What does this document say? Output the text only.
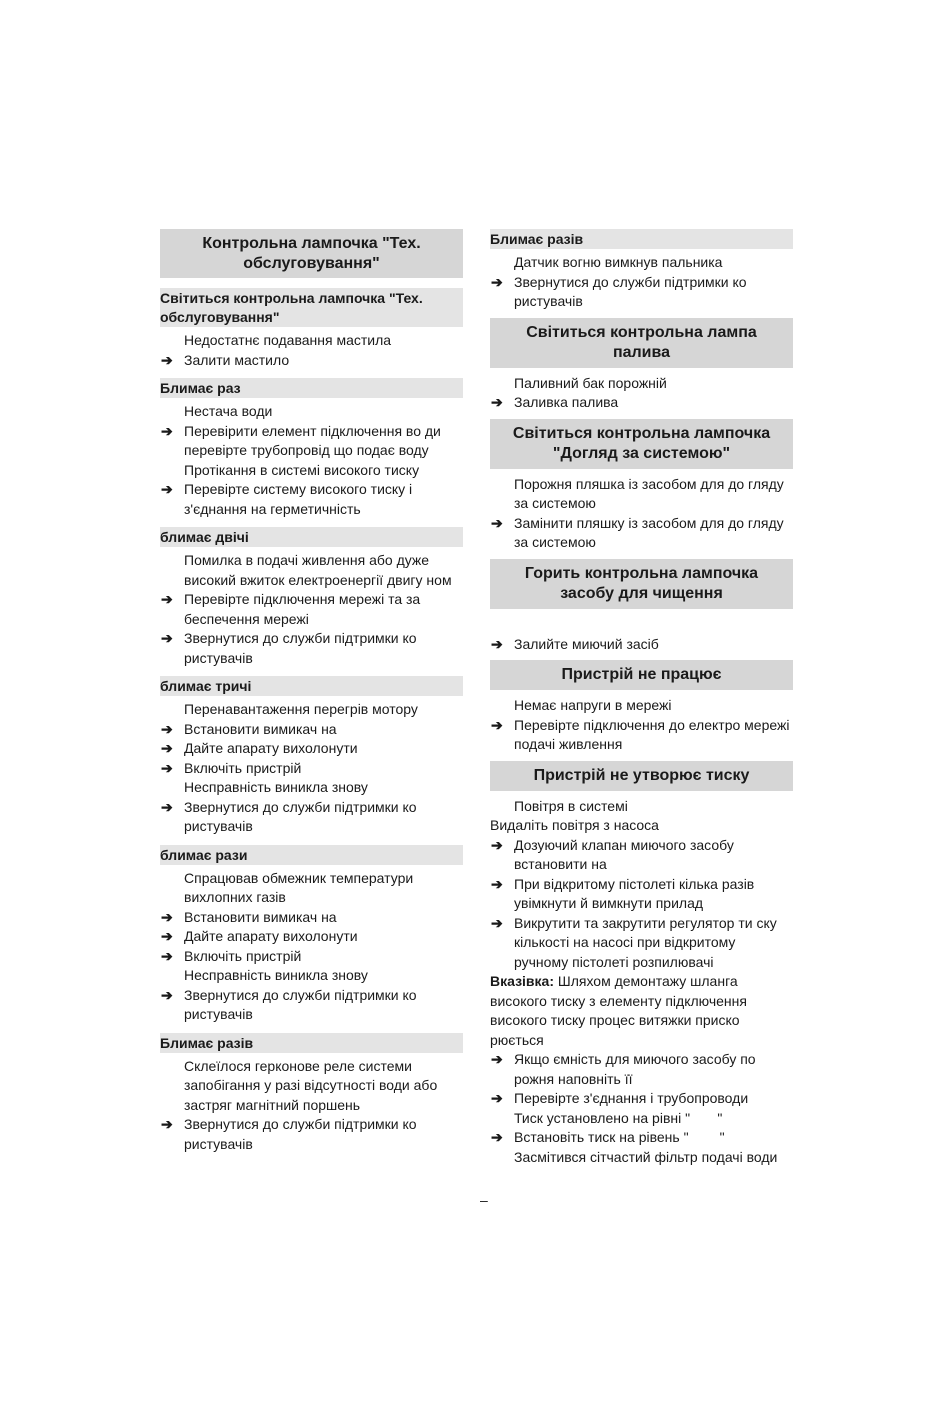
Контрольна лампочка "Тех. обслуговування"
Світиться контрольна лампочка "Тех. обслуговування"

Недостатнє подавання мастила

➔ Залити мастило

Блимає раз

Нестача води

➔ Перевірити елемент підключення во ди перевірте трубопровід що подає воду

Протікання в системі високого тиску

➔ Перевірте систему високого тиску і з'єднання на герметичність

блимає двічі

Помилка в подачі живлення або дуже високий вжиток електроенергії двигу ном

➔ Перевірте підключення мережі та за беспечення мережі

➔ Звернутися до служби підтримки ко ристувачів

блимає тричі

Перенавантаження перегрів мотору

➔ Встановити вимикач на

➔ Дайте апарату вихолонути

➔ Включіть пристрій

Несправність виникла знову

➔ Звернутися до служби підтримки ко ристувачів

блимає рази

Спрацював обмежник температури вихлопних газів

➔ Встановити вимикач на

➔ Дайте апарату вихолонути

➔ Включіть пристрій

Несправність виникла знову

➔ Звернутися до служби підтримки ко ристувачів

Блимає разів

Склеїлося герконове реле системи запобігання у разі відсутності води або застряг магнітний поршень

➔ Звернутися до служби підтримки ко ристувачів

Блимає разів

Датчик вогню вимкнув пальника

➔ Звернутися до служби підтримки ко ристувачів

Світиться контрольна лампа палива

Паливний бак порожній

➔ Заливка палива

Світиться контрольна лампочка "Догляд за системою"

Порожня пляшка із засобом для до гляду за системою

➔ Замінити пляшку із засобом для до гляду за системою

Горить контрольна лампочка засобу для чищення

➔ Залийте миючий засіб

Пристрій не працює

Немає напруги в мережі

➔ Перевірте підключення до електро мережі подачі живлення

Пристрій не утворює тиску

Повітря в системі

Видаліть повітря з насоса

➔ Дозуючий клапан миючого засобу встановити на

➔ При відкритому пістолеті кілька разів увімкнути й вимкнути прилад

➔ Викрутити та закрутити регулятор ти ску кількості на насосі при відкритому ручному пістолеті розпилювачі

Вказівка: Шляхом демонтажу шланга високого тиску з елементу підключення високого тиску процес витяжки приско рюється

➔ Якщо ємність для миючого засобу по рожня наповніть її

➔ Перевірте з'єднання і трубопроводи

Тиск установлено на рівні "       "

➔ Встановіть тиск на рівень "        "

Засмітився сітчастий фільтр подачі води

–
